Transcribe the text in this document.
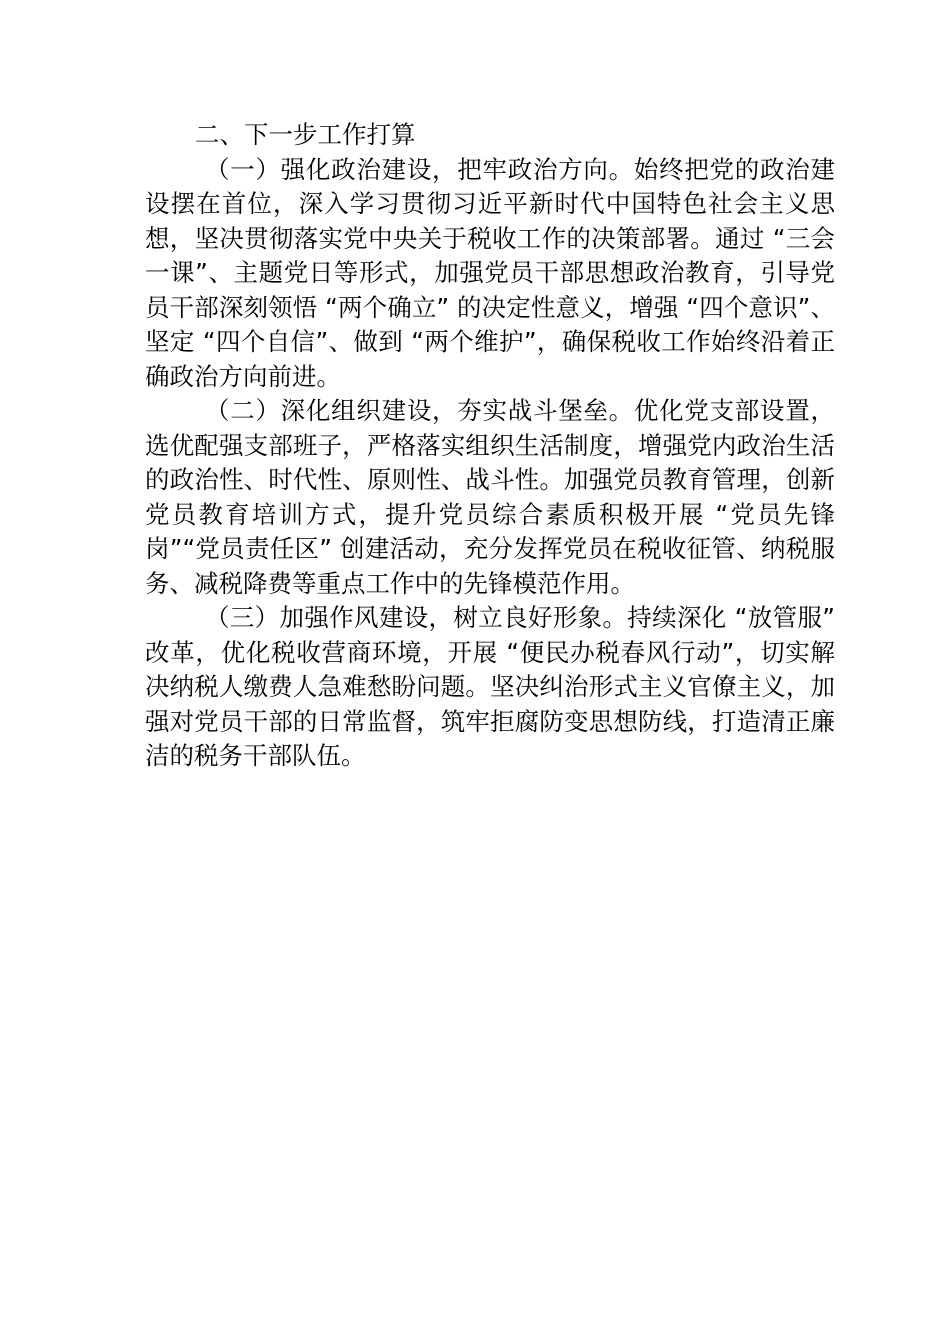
二、下一步工作打算

（一）强化政治建设，把牢政治方向。始终把党的政治建设摆在首位，深入学习贯彻习近平新时代中国特色社会主义思想，坚决贯彻落实党中央关于税收工作的决策部署。通过 “三会一课”、主题党日等形式，加强党员干部思想政治教育，引导党员干部深刻领悟 “两个确立” 的决定性意义，增强 “四个意识”、坚定 “四个自信”、做到 “两个维护”，确保税收工作始终沿着正确政治方向前进。

（二）深化组织建设，夯实战斗堡垒。优化党支部设置，选优配强支部班子，严格落实组织生活制度，增强党内政治生活的政治性、时代性、原则性、战斗性。加强党员教育管理，创新党员教育培训方式，提升党员综合素质积极开展 “党员先锋岗”“党员责任区” 创建活动，充分发挥党员在税收征管、纳税服务、减税降费等重点工作中的先锋模范作用。

（三）加强作风建设，树立良好形象。持续深化 “放管服” 改革，优化税收营商环境，开展 “便民办税春风行动”，切实解决纳税人缴费人急难愁盼问题。坚决纠治形式主义官僚主义，加强对党员干部的日常监督，筑牢拒腐防变思想防线，打造清正廉洁的税务干部队伍。
